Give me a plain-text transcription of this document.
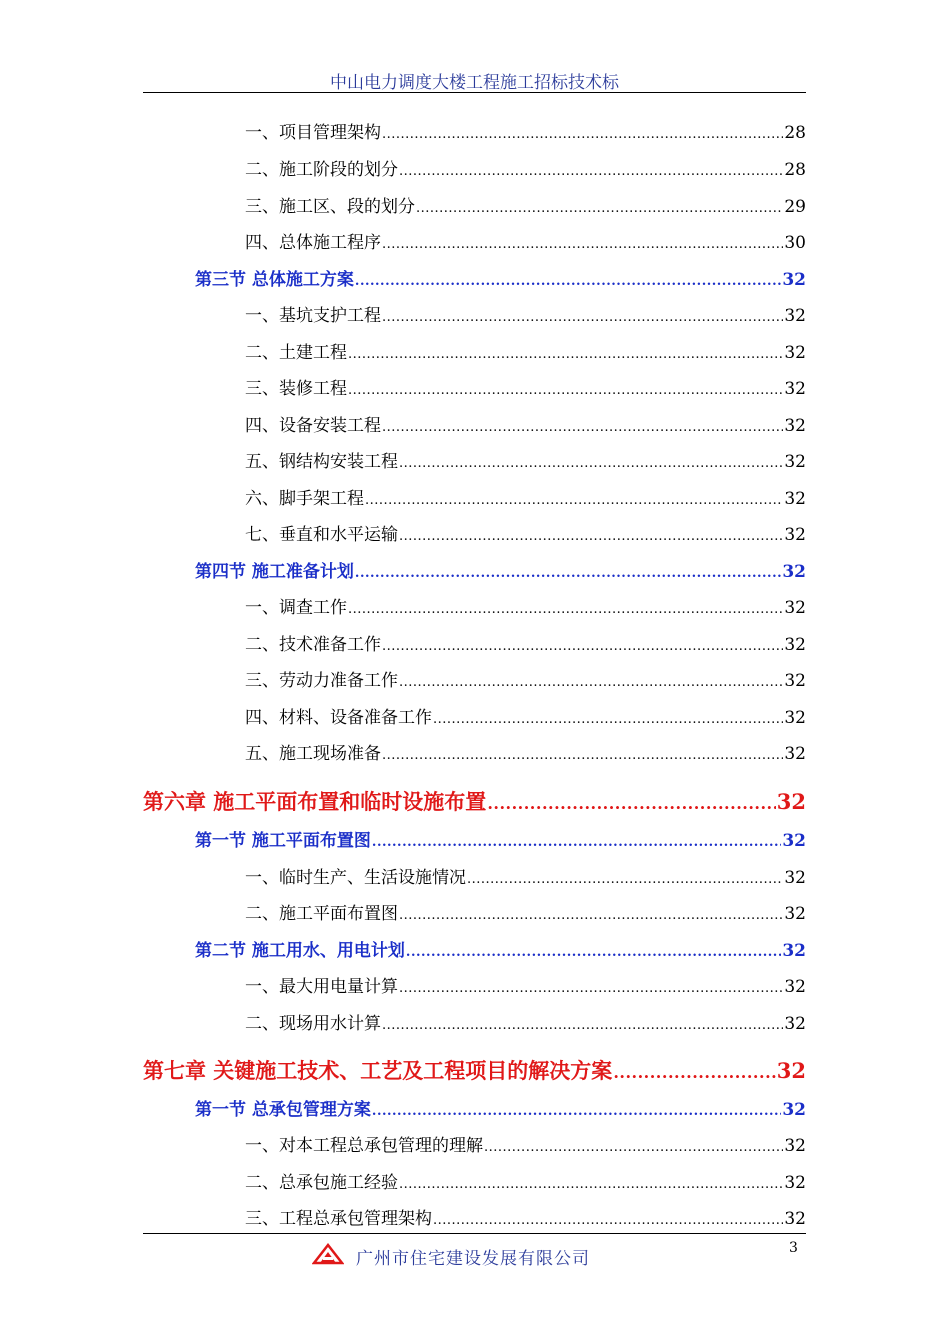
中山电力调度大楼工程施工招标技术标
一、项目管理架构 .....	28
二、施工阶段的划分 .....	28
三、施工区、段的划分 .....	29
四、总体施工程序 .....	30
第三节 总体施工方案 .....	32
一、基坑支护工程 .....	32
二、土建工程 .....	32
三、装修工程 .....	32
四、设备安装工程 .....	32
五、钢结构安装工程 .....	32
六、脚手架工程 .....	32
七、垂直和水平运输 .....	32
第四节 施工准备计划 .....	32
一、调查工作 .....	32
二、技术准备工作 .....	32
三、劳动力准备工作 .....	32
四、材料、设备准备工作 .....	32
五、施工现场准备 .....	32
第六章 施工平面布置和临时设施布置 .....	32
第一节 施工平面布置图 .....	32
一、临时生产、生活设施情况 .....	32
二、施工平面布置图 .....	32
第二节 施工用水、用电计划 .....	32
一、最大用电量计算 .....	32
二、现场用水计算 .....	32
第七章 关键施工技术、工艺及工程项目的解决方案 .....	32
第一节 总承包管理方案 .....	32
一、对本工程总承包管理的理解 .....	32
二、总承包施工经验 .....	32
三、工程总承包管理架构 .....	32
3
广州市住宅建设发展有限公司
